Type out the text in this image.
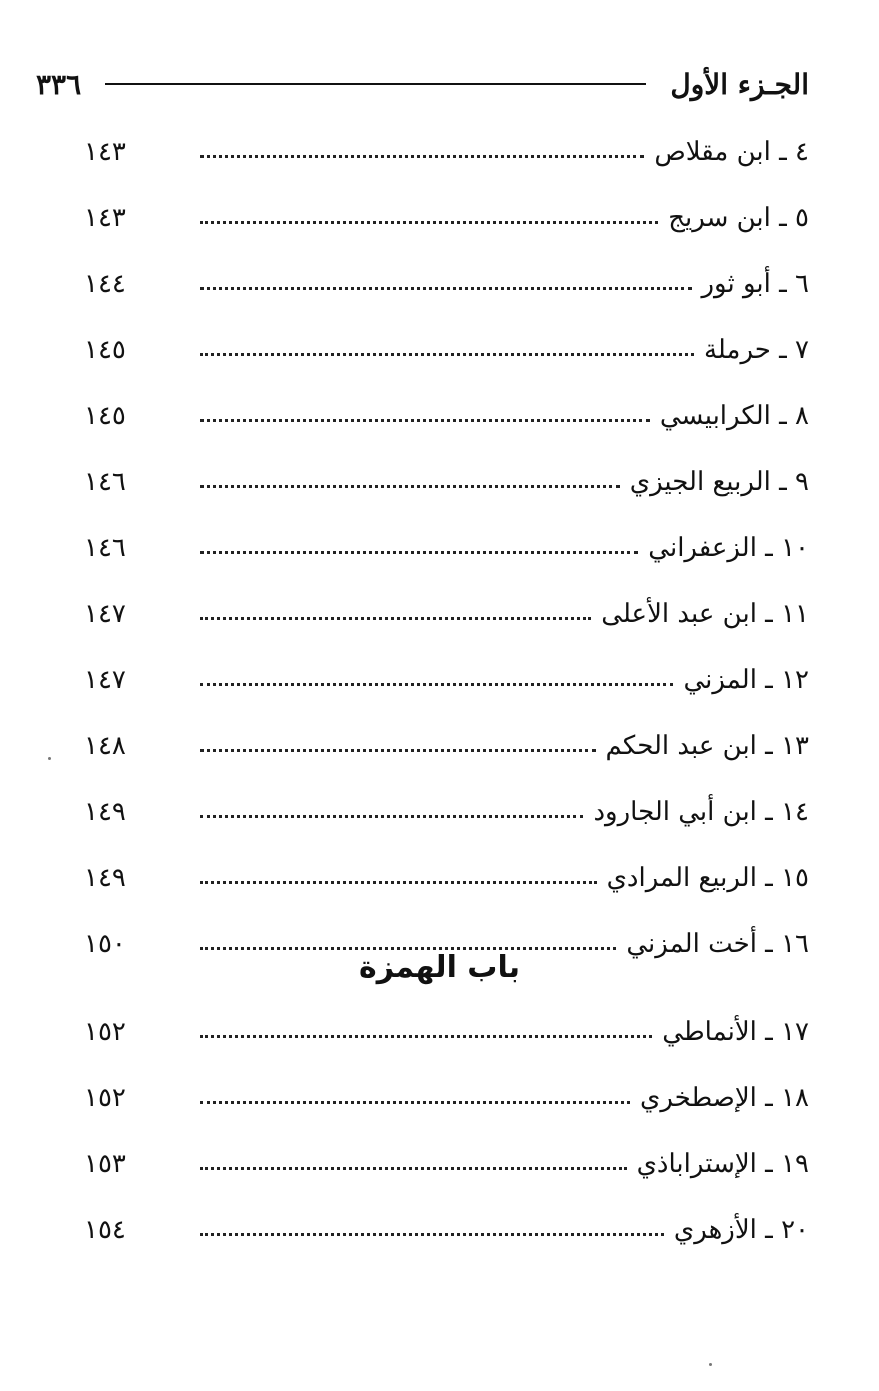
٣٣٦	الجـزء الأول
٤ ـ ابن مقلاص
١٤٣
٥ ـ ابن سريج
١٤٣
٦ ـ أبو ثور
١٤٤
٧ ـ حرملة
١٤٥
٨ ـ الكرابيسي
١٤٥
٩ ـ الربيع الجيزي
١٤٦
١٠ ـ الزعفراني
١٤٦
١١ ـ ابن عبد الأعلى
١٤٧
١٢ ـ المزني
١٤٧
١٣ ـ ابن عبد الحكم
١٤٨
١٤ ـ ابن أبي الجارود
١٤٩
١٥ ـ الربيع المرادي
١٤٩
١٦ ـ أخت المزني
١٥٠
باب الهمزة
١٧ ـ الأنماطي
١٥٢
١٨ ـ الإصطخري
١٥٢
١٩ ـ الإستراباذي
١٥٣
٢٠ ـ الأزهري
١٥٤
